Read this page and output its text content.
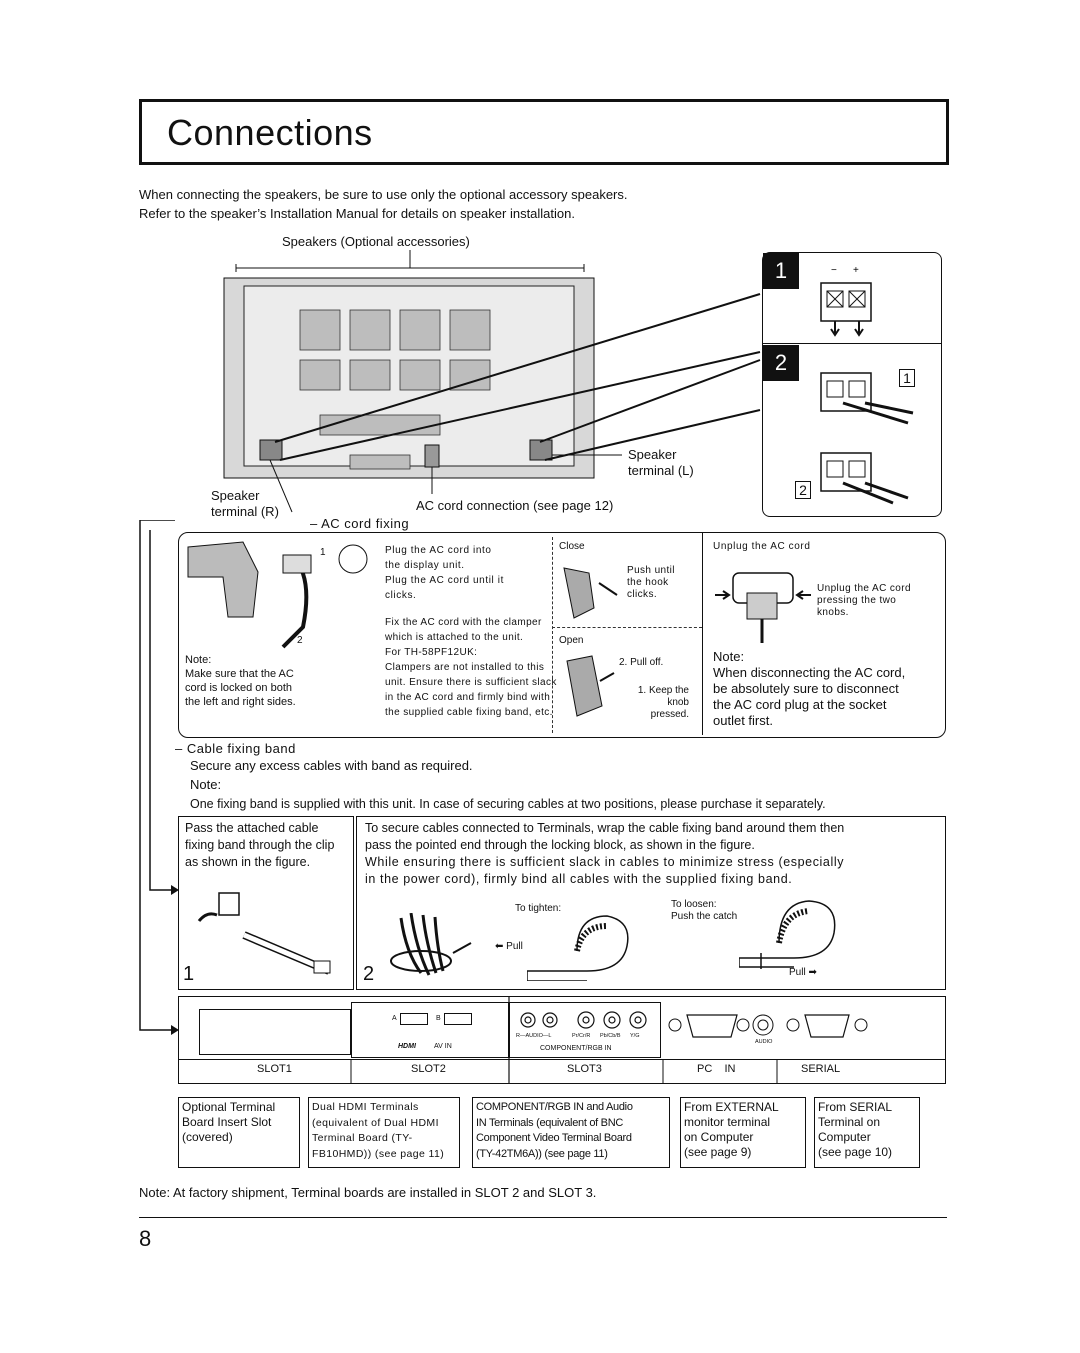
Connections
When connecting the speakers, be sure to use only the optional accessory speakers.
Refer to the speaker’s Installation Manual for details on speaker installation.
Speakers (Optional accessories)
Speaker
terminal (L)
Speaker
terminal (R)	AC cord connection (see page 12)
1
2
− +
1
2
– AC cord fixing
Note:
Make sure that the AC
cord is locked on both
the left and right sides.
1
2
Plug the AC cord into
the display unit.
Plug the AC cord until it
clicks.
Fix the AC cord with the clamper
which is attached to the unit.
For TH-58PF12UK:
Clampers are not installed to this
unit. Ensure there is sufficient slack
in the AC cord and firmly bind with
the supplied cable fixing band, etc.
Close
Push until
the hook
clicks.
Open
2. Pull off.
1. Keep the
knob
pressed.
Unplug the AC cord
Unplug the AC cord
pressing the two
knobs.
Note:
When disconnecting the AC cord,
be absolutely sure to disconnect
the AC cord plug at the socket
outlet first.
– Cable fixing band
Secure any excess cables with band as required.
Note:
One fixing band is supplied with this unit. In case of securing cables at two positions, please purchase it separately.
Pass the attached cable
fixing band through the clip
as shown in the figure.
1
To secure cables connected to Terminals, wrap the cable fixing band around them then
pass the pointed end through the locking block, as shown in the figure.
While ensuring there is sufficient slack in cables to minimize stress (especially
in the power cord), firmly bind all cables with the supplied fixing band.
To tighten:
⬅ Pull
To loosen:
Push the catch
Pull ➡
2
A	B
HDMI	AV IN
R—AUDIO—L	Pr/Cr/R Pb/Cb/B Y/G
COMPONENT/RGB IN
AUDIO
SLOT1	SLOT2	SLOT3	PC    IN	SERIAL
Optional Terminal
Board Insert Slot
(covered)
Dual HDMI Terminals
(equivalent of Dual HDMI
Terminal Board (TY-
FB10HMD)) (see page 11)
COMPONENT/RGB IN and Audio
IN Terminals (equivalent of BNC
Component Video Terminal Board
(TY-42TM6A)) (see page 11)
From EXTERNAL
monitor terminal
on Computer
(see page 9)
From SERIAL
Terminal on
Computer
(see page 10)
Note: At factory shipment, Terminal boards are installed in SLOT 2 and SLOT 3.
8
